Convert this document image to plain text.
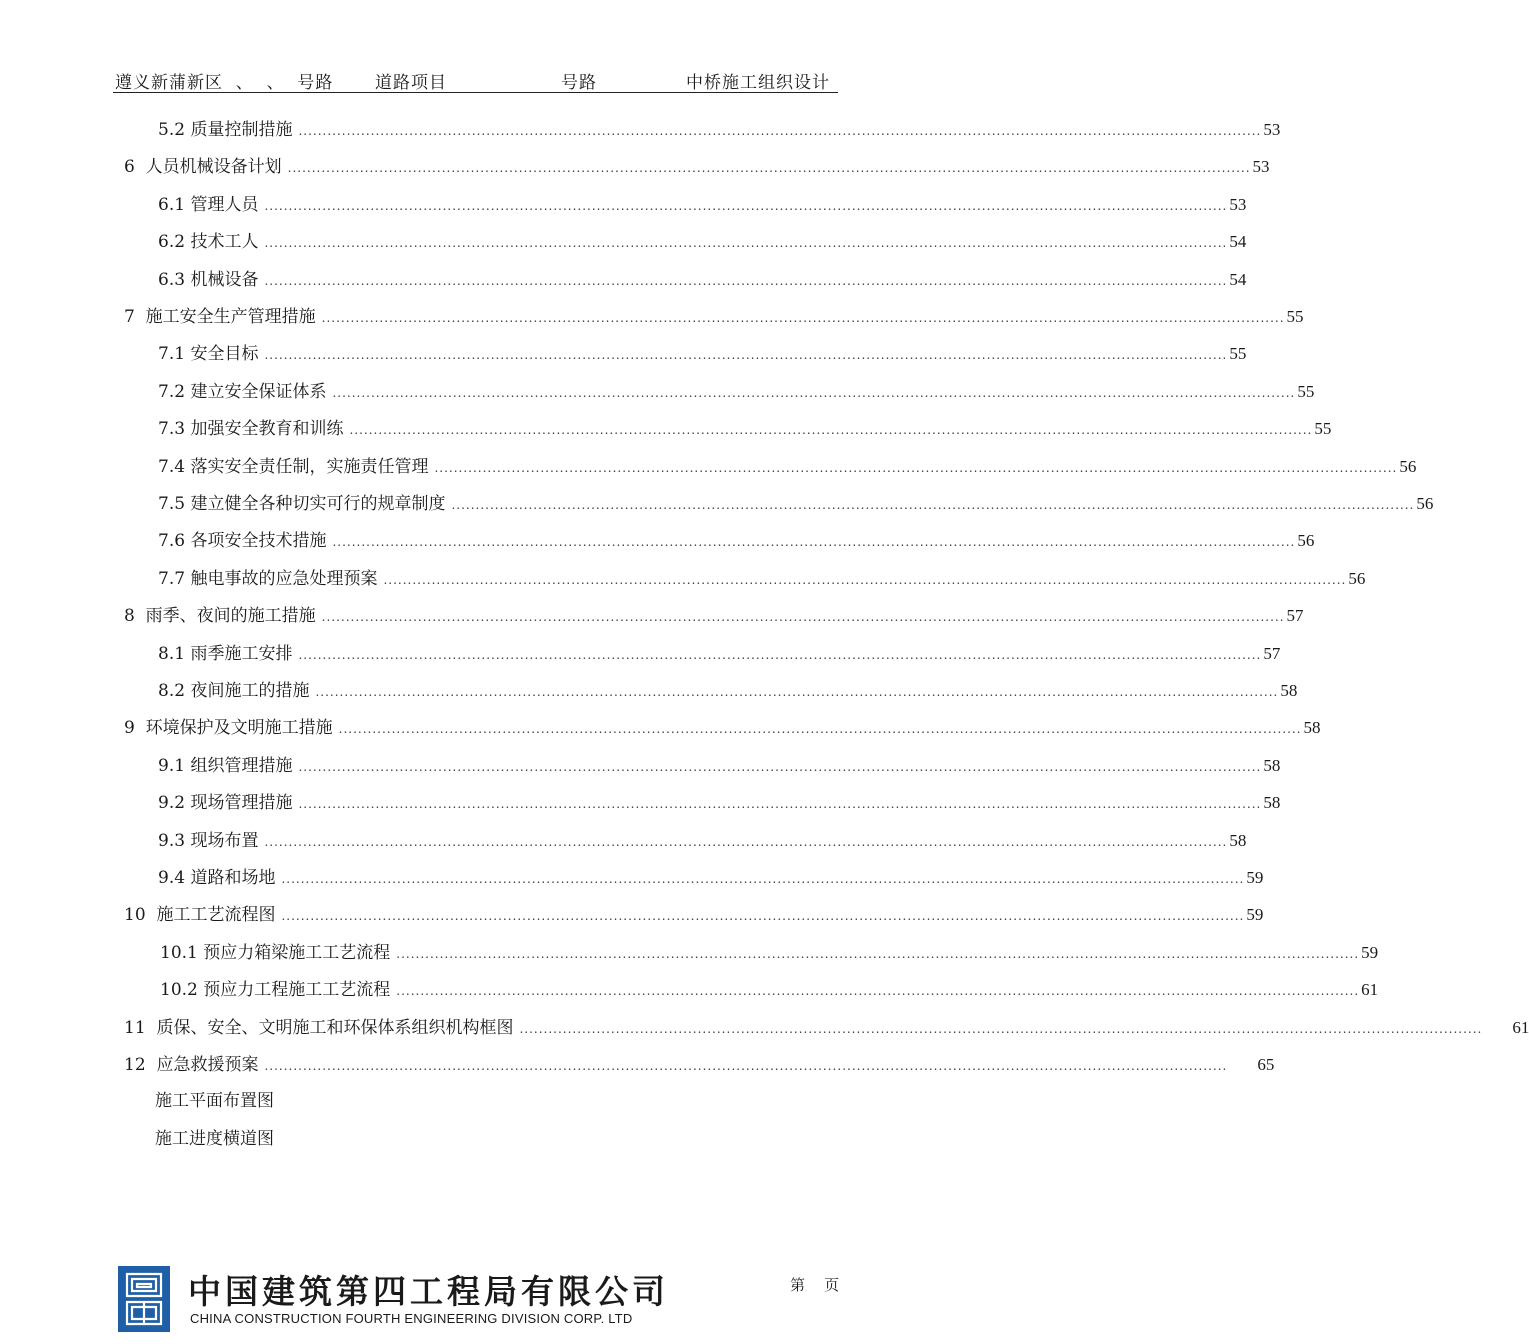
遵义新蒲新区  、  、  号路 道路项目	号路	中桥施工组织设计
5.2 质量控制措施 ........................................................................................................................................................................................................ 53
6  人员机械设备计划 ........................................................................................................................................................................................................ 53
6.1 管理人员 ........................................................................................................................................................................................................ 53
6.2 技术工人 ........................................................................................................................................................................................................ 54
6.3 机械设备 ........................................................................................................................................................................................................ 54
7  施工安全生产管理措施 ........................................................................................................................................................................................................ 55
7.1 安全目标 ........................................................................................................................................................................................................ 55
7.2 建立安全保证体系 ........................................................................................................................................................................................................ 55
7.3 加强安全教育和训练 ........................................................................................................................................................................................................ 55
7.4 落实安全责任制，实施责任管理 ........................................................................................................................................................................................................ 56
7.5 建立健全各种切实可行的规章制度 ........................................................................................................................................................................................................ 56
7.6 各项安全技术措施 ........................................................................................................................................................................................................ 56
7.7 触电事故的应急处理预案 ........................................................................................................................................................................................................ 56
8  雨季、夜间的施工措施 ........................................................................................................................................................................................................ 57
8.1 雨季施工安排 ........................................................................................................................................................................................................ 57
8.2 夜间施工的措施 ........................................................................................................................................................................................................ 58
9  环境保护及文明施工措施 ........................................................................................................................................................................................................ 58
9.1 组织管理措施 ........................................................................................................................................................................................................ 58
9.2 现场管理措施 ........................................................................................................................................................................................................ 58
9.3 现场布置 ........................................................................................................................................................................................................ 58
9.4 道路和场地 ........................................................................................................................................................................................................ 59
10  施工工艺流程图 ........................................................................................................................................................................................................ 59
10.1 预应力箱梁施工工艺流程 ........................................................................................................................................................................................................ 59
10.2 预应力工程施工工艺流程 ........................................................................................................................................................................................................ 61
11  质保、安全、文明施工和环保体系组织机构框图 ........................................................................................................................................................................................................ 61
12  应急救援预案 ........................................................................................................................................................................................................ 65
施工平面布置图
施工进度横道图
中国建筑第四工程局有限公司
CHINA CONSTRUCTION FOURTH ENGINEERING DIVISION CORP. LTD
第    页
